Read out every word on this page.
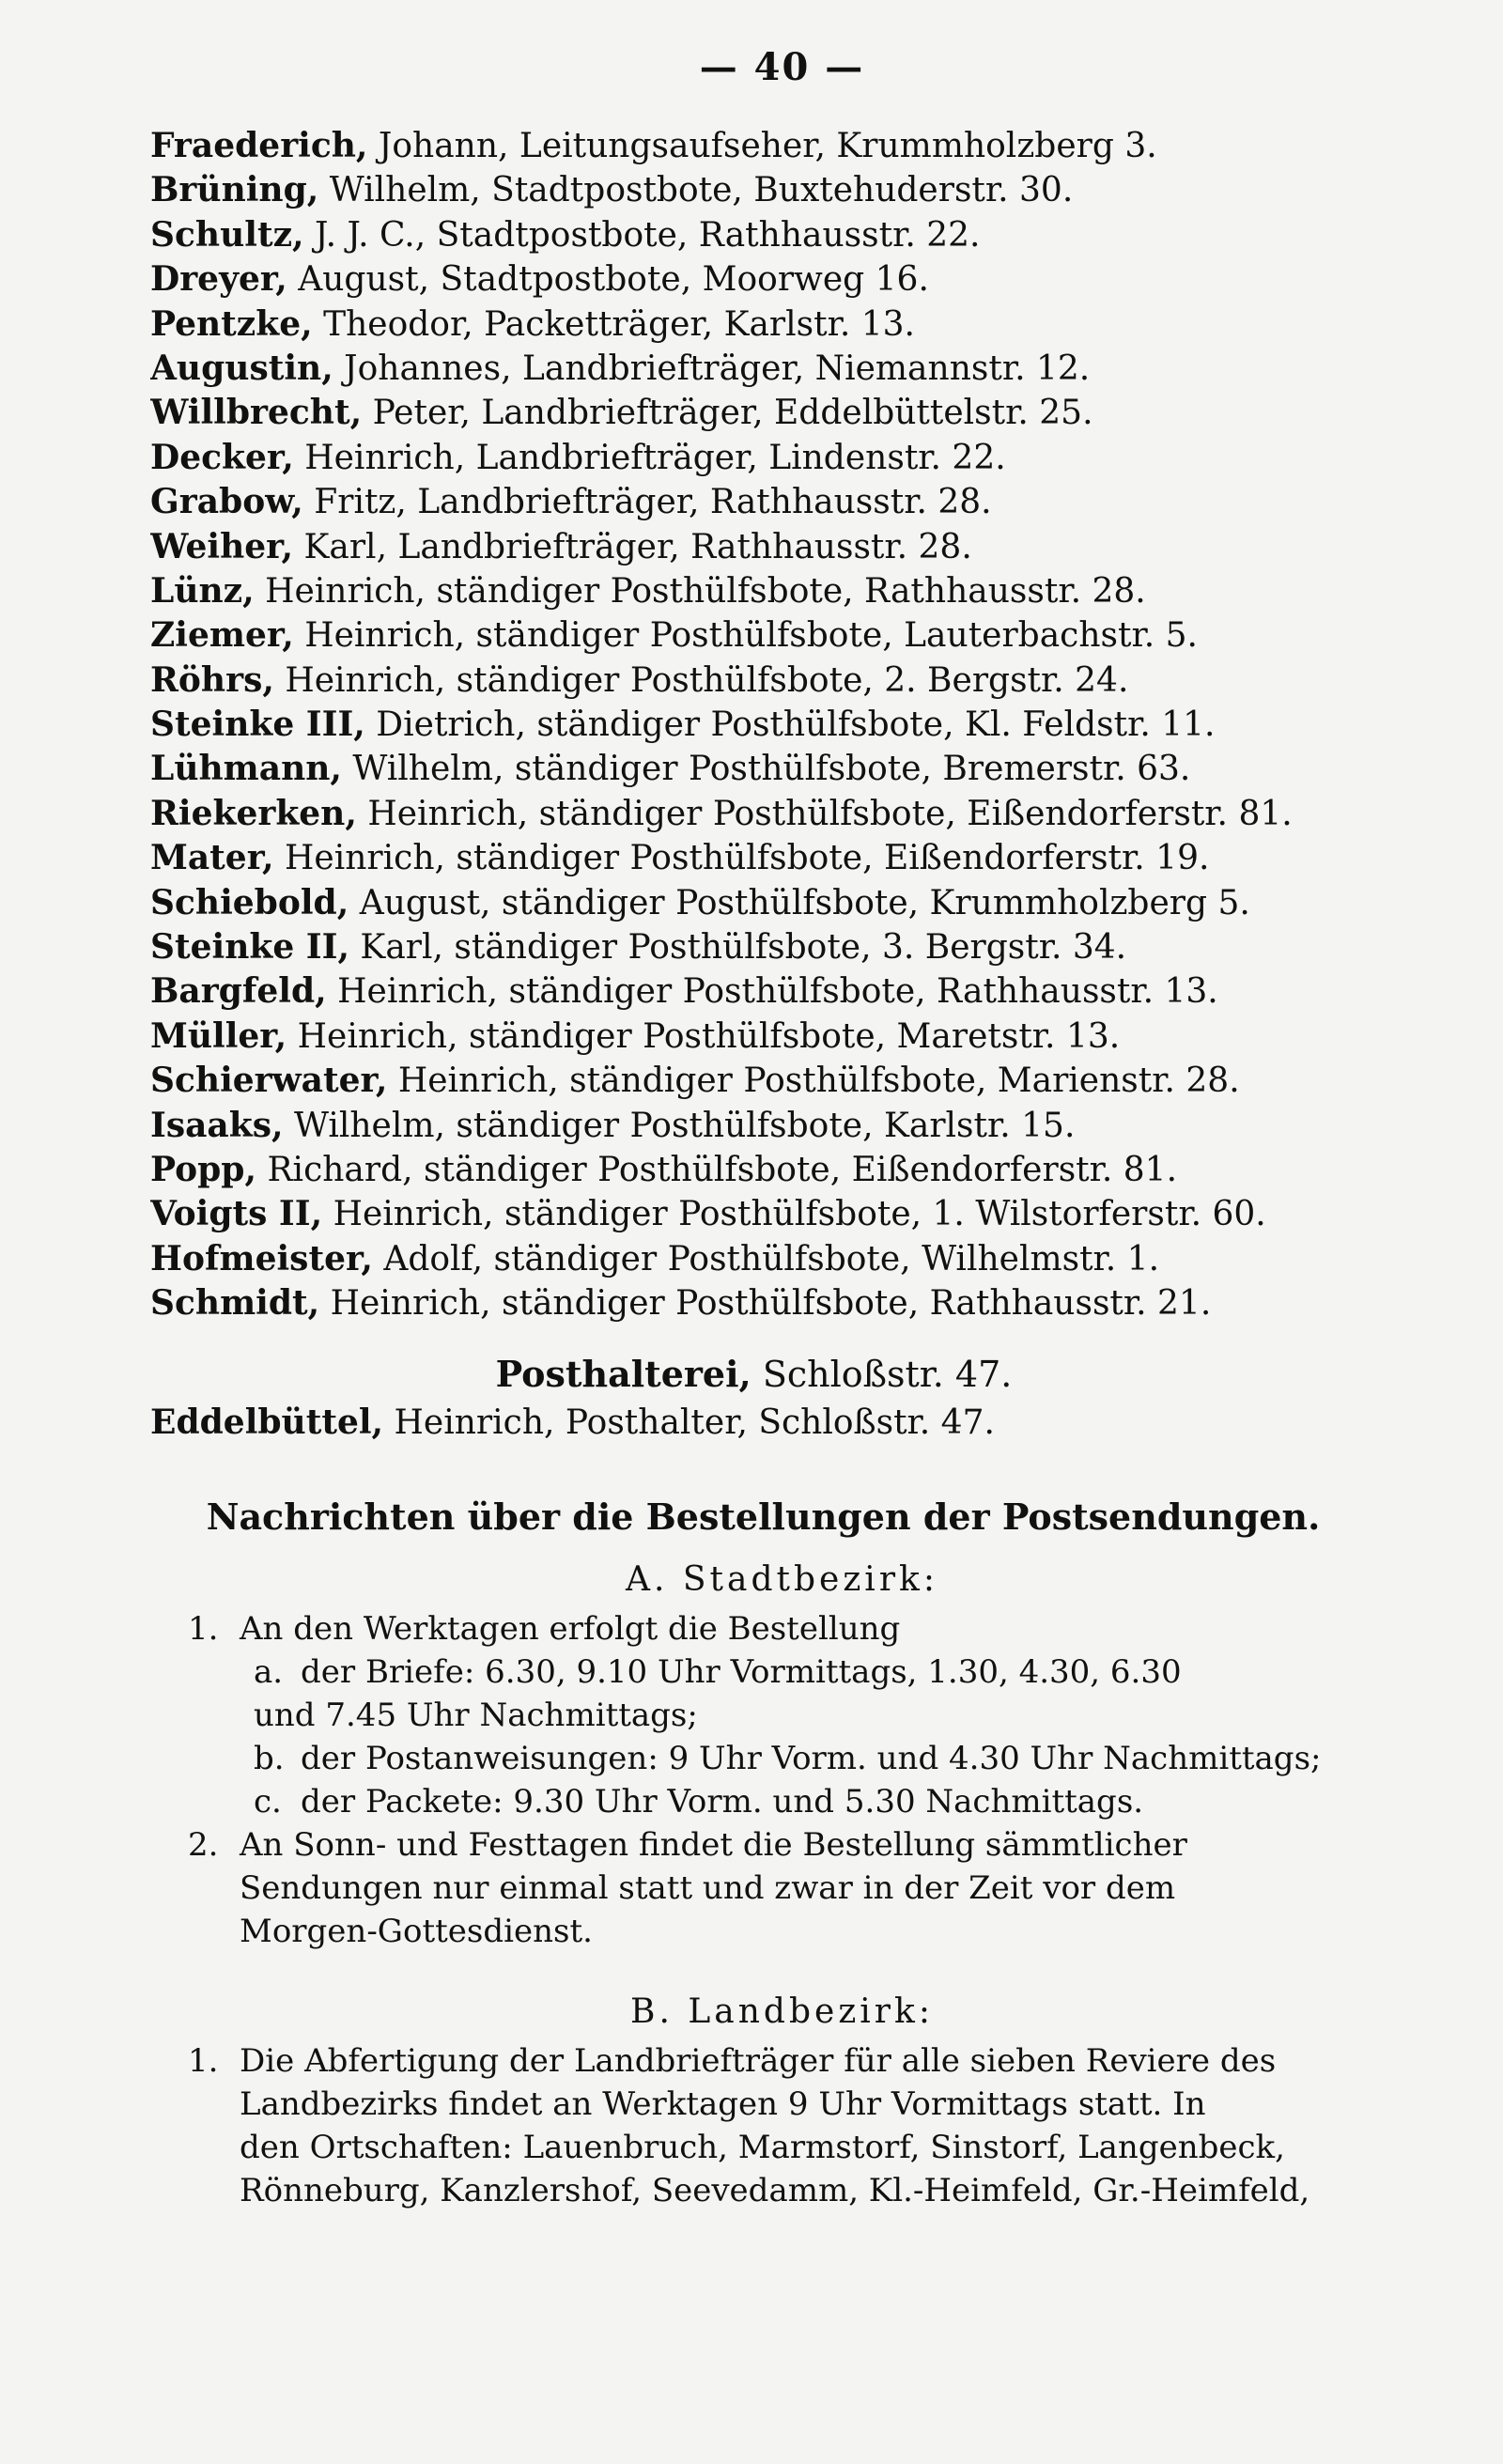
— 40 —
Fraederich, Johann, Leitungsaufseher, Krummholzberg 3.
Brüning, Wilhelm, Stadtpostbote, Buxtehuderstr. 30.
Schultz, J. J. C., Stadtpostbote, Rathhausstr. 22.
Dreyer, August, Stadtpostbote, Moorweg 16.
Pentzke, Theodor, Packetträger, Karlstr. 13.
Augustin, Johannes, Landbriefträger, Niemannstr. 12.
Willbrecht, Peter, Landbriefträger, Eddelbüttelstr. 25.
Decker, Heinrich, Landbriefträger, Lindenstr. 22.
Grabow, Fritz, Landbriefträger, Rathhausstr. 28.
Weiher, Karl, Landbriefträger, Rathhausstr. 28.
Lünz, Heinrich, ständiger Posthülfsbote, Rathhausstr. 28.
Ziemer, Heinrich, ständiger Posthülfsbote, Lauterbachstr. 5.
Röhrs, Heinrich, ständiger Posthülfsbote, 2. Bergstr. 24.
Steinke III, Dietrich, ständiger Posthülfsbote, Kl. Feldstr. 11.
Lühmann, Wilhelm, ständiger Posthülfsbote, Bremerstr. 63.
Riekerken, Heinrich, ständiger Posthülfsbote, Eißendorferstr. 81.
Mater, Heinrich, ständiger Posthülfsbote, Eißendorferstr. 19.
Schiebold, August, ständiger Posthülfsbote, Krummholzberg 5.
Steinke II, Karl, ständiger Posthülfsbote, 3. Bergstr. 34.
Bargfeld, Heinrich, ständiger Posthülfsbote, Rathhausstr. 13.
Müller, Heinrich, ständiger Posthülfsbote, Maretstr. 13.
Schierwater, Heinrich, ständiger Posthülfsbote, Marienstr. 28.
Isaaks, Wilhelm, ständiger Posthülfsbote, Karlstr. 15.
Popp, Richard, ständiger Posthülfsbote, Eißendorferstr. 81.
Voigts II, Heinrich, ständiger Posthülfsbote, 1. Wilstorferstr. 60.
Hofmeister, Adolf, ständiger Posthülfsbote, Wilhelmstr. 1.
Schmidt, Heinrich, ständiger Posthülfsbote, Rathhausstr. 21.
Posthalterei, Schloßstr. 47.
Eddelbüttel, Heinrich, Posthalter, Schloßstr. 47.
Nachrichten über die Bestellungen der Postsendungen.
A. Stadtbezirk:
1. An den Werktagen erfolgt die Bestellung
a. der Briefe: 6.30, 9.10 Uhr Vormittags, 1.30, 4.30, 6.30
und 7.45 Uhr Nachmittags;
b. der Postanweisungen: 9 Uhr Vorm. und 4.30 Uhr Nachmittags;
c. der Packete: 9.30 Uhr Vorm. und 5.30 Nachmittags.
2. An Sonn- und Festtagen findet die Bestellung sämmtlicher
Sendungen nur einmal statt und zwar in der Zeit vor dem
Morgen-Gottesdienst.
B. Landbezirk:
1. Die Abfertigung der Landbriefträger für alle sieben Reviere des
Landbezirks findet an Werktagen 9 Uhr Vormittags statt. In
den Ortschaften: Lauenbruch, Marmstorf, Sinstorf, Langenbeck,
Rönneburg, Kanzlershof, Seevedamm, Kl.-Heimfeld, Gr.-Heimfeld,
